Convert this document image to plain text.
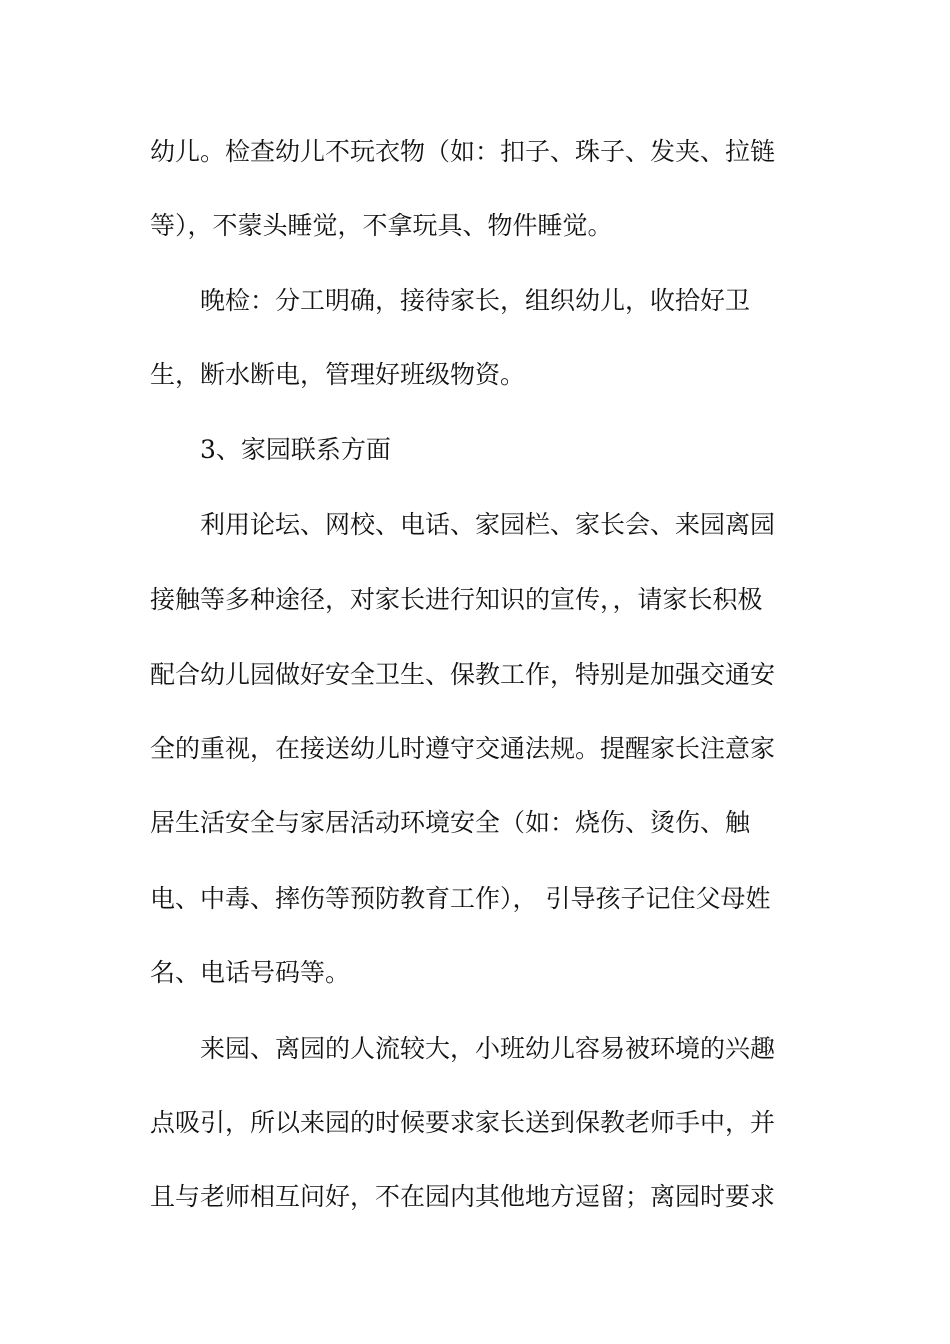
幼儿。检查幼儿不玩衣物（如：扣子、珠子、发夹、拉链
等），不蒙头睡觉，不拿玩具、物件睡觉。
晚检：分工明确，接待家长，组织幼儿，收拾好卫
生，断水断电，管理好班级物资。
3、家园联系方面
利用论坛、网校、电话、家园栏、家长会、来园离园
接触等多种途径，对家长进行知识的宣传，，请家长积极
配合幼儿园做好安全卫生、保教工作，特别是加强交通安
全的重视，在接送幼儿时遵守交通法规。提醒家长注意家
居生活安全与家居活动环境安全（如：烧伤、烫伤、触
电、中毒、摔伤等预防教育工作）， 引导孩子记住父母姓
名、电话号码等。
来园、离园的人流较大，小班幼儿容易被环境的兴趣
点吸引，所以来园的时候要求家长送到保教老师手中，并
且与老师相互问好，不在园内其他地方逗留；离园时要求
